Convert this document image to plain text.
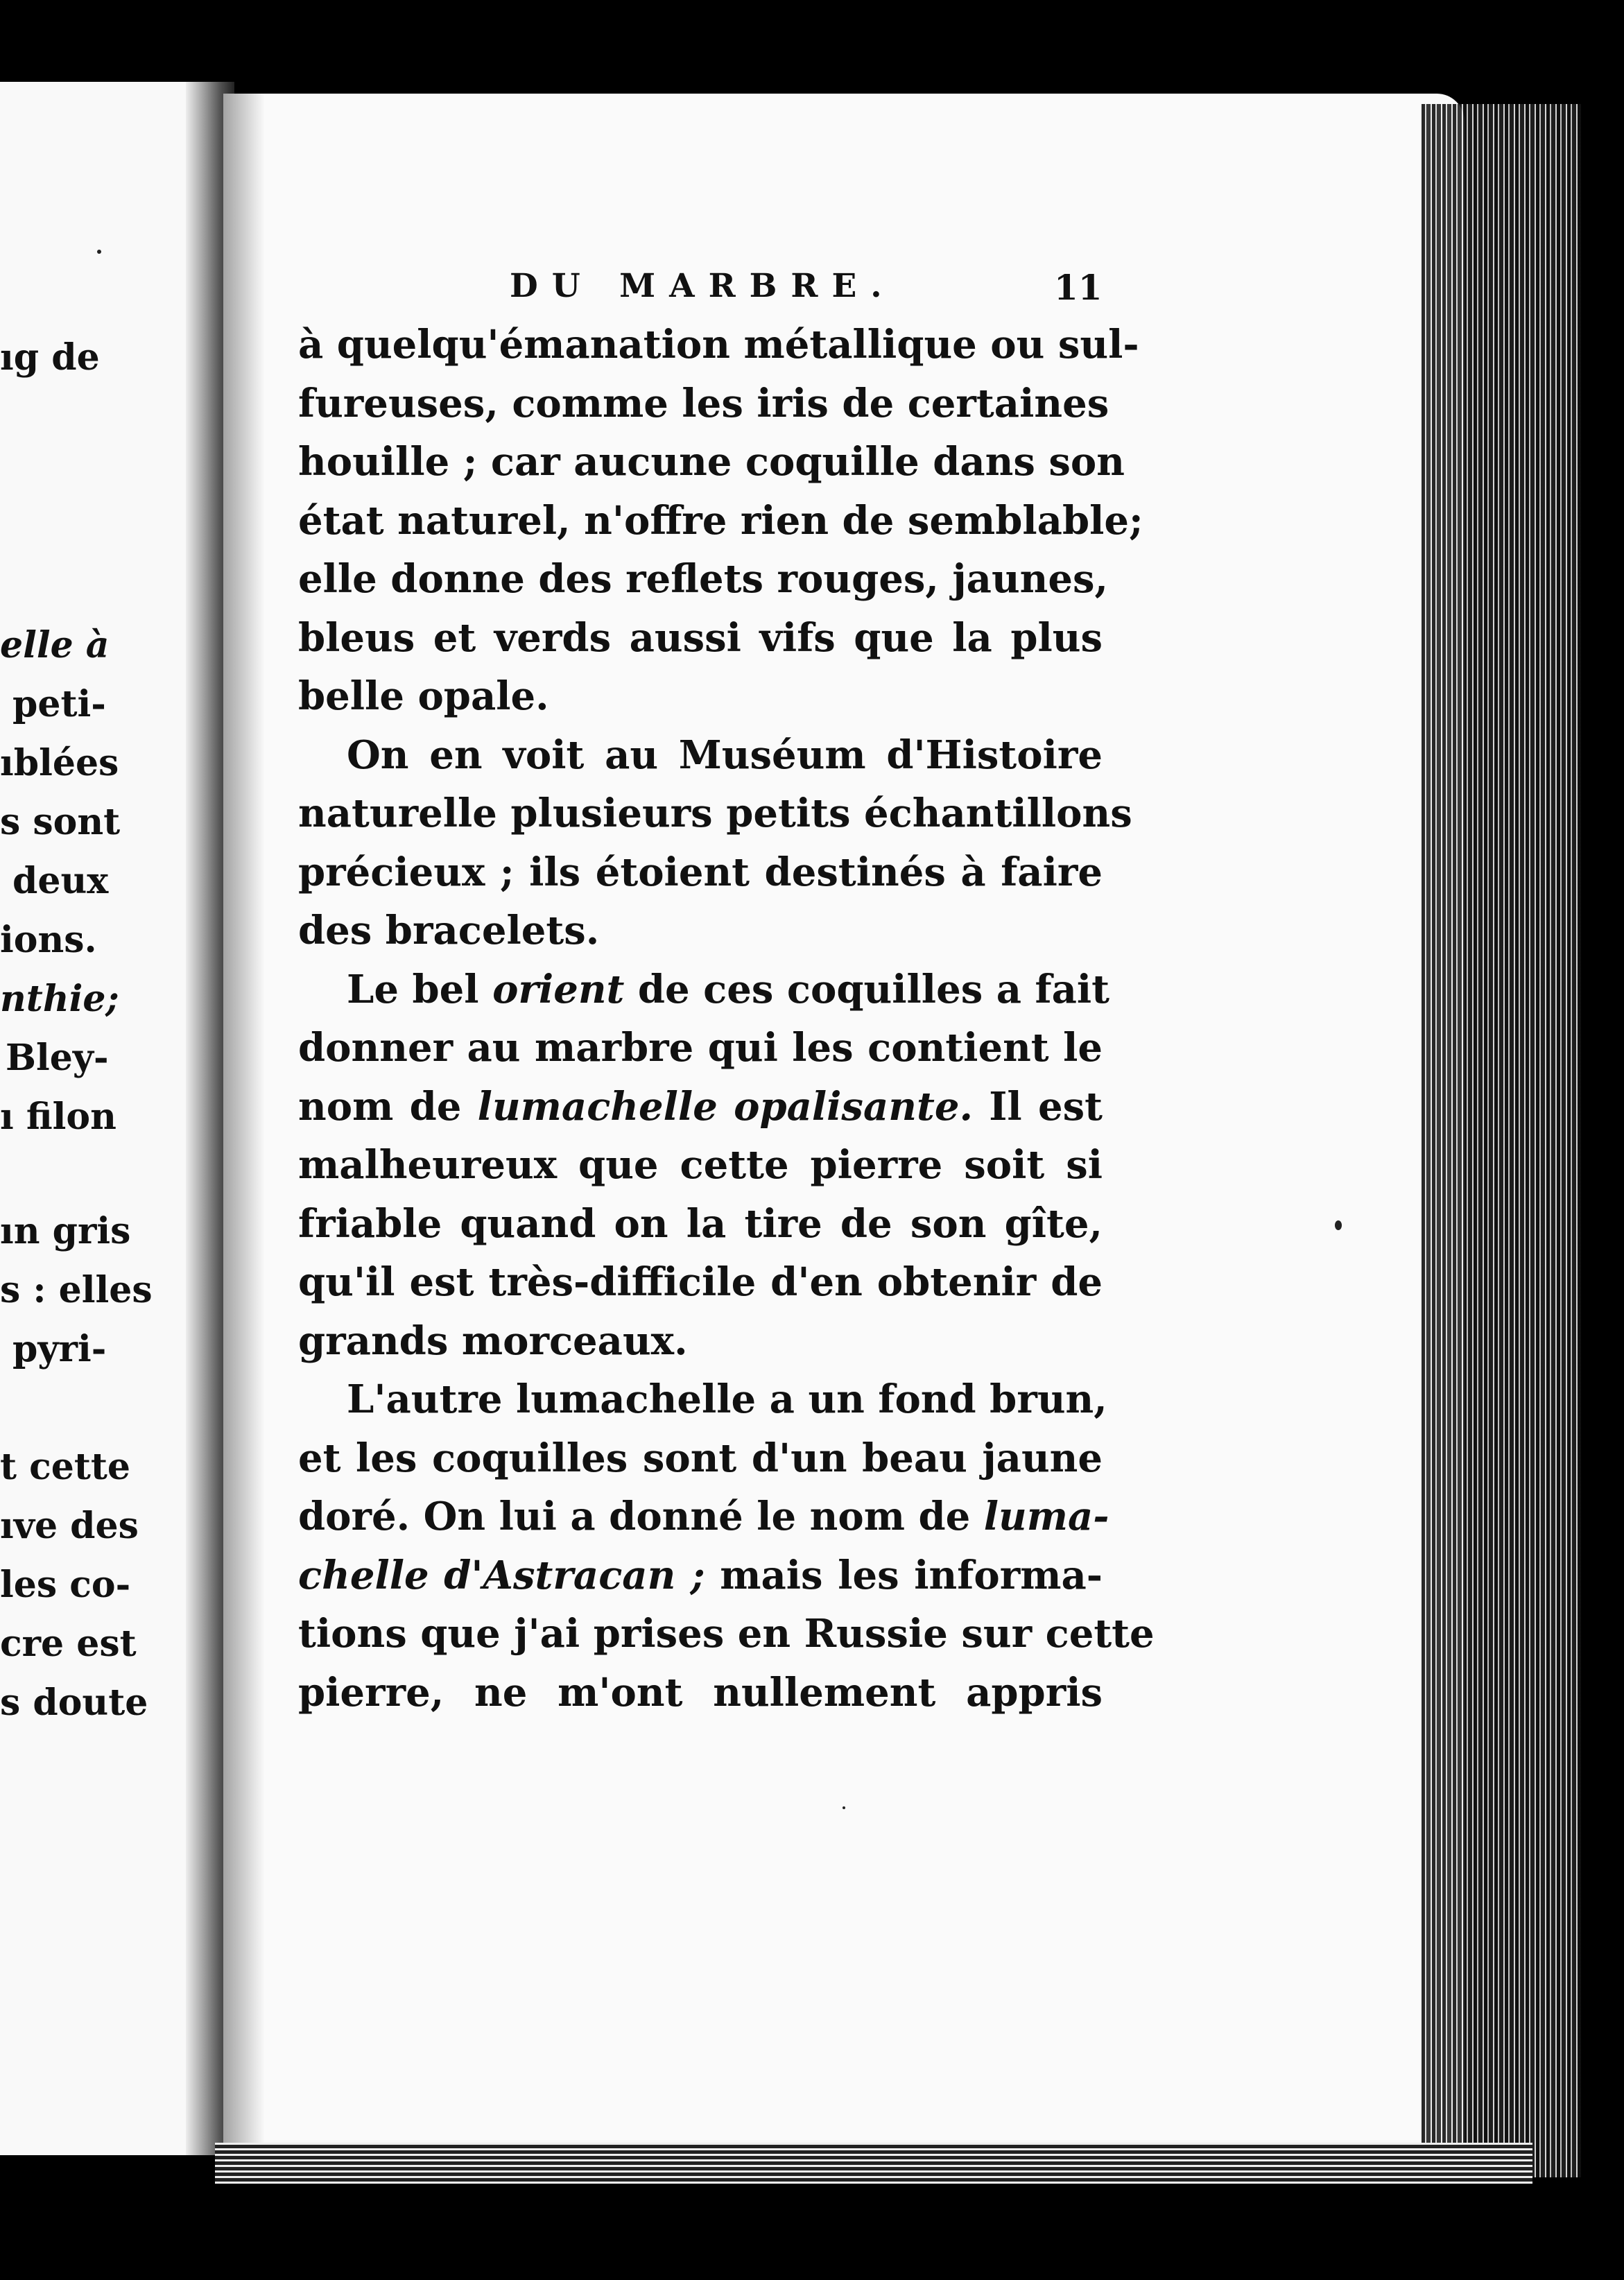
ıg de
elle à
peti-
ıblées
s sont
deux
ions.
nthie;
Bley-
ı filon
ın gris
s : elles
pyri-
t cette
ıve des
les co-
cre est
s doute
DU MARBRE.	11
à quelqu'émanation métallique ou sul-
fureuses, comme les iris de certaines
houille ; car aucune coquille dans son
état naturel, n'offre rien de semblable;
elle donne des reflets rouges, jaunes,
bleus et verds aussi vifs que la plus
belle opale.
On en voit au Muséum d'Histoire
naturelle plusieurs petits échantillons
précieux ; ils étoient destinés à faire
des bracelets.
Le bel orient de ces coquilles a fait
donner au marbre qui les contient le
nom de lumachelle opalisante. Il est
malheureux que cette pierre soit si
friable quand on la tire de son gîte,
qu'il est très-difficile d'en obtenir de
grands morceaux.
L'autre lumachelle a un fond brun,
et les coquilles sont d'un beau jaune
doré. On lui a donné le nom de luma-
chelle d'Astracan ; mais les informa-
tions que j'ai prises en Russie sur cette
pierre, ne m'ont nullement appris
